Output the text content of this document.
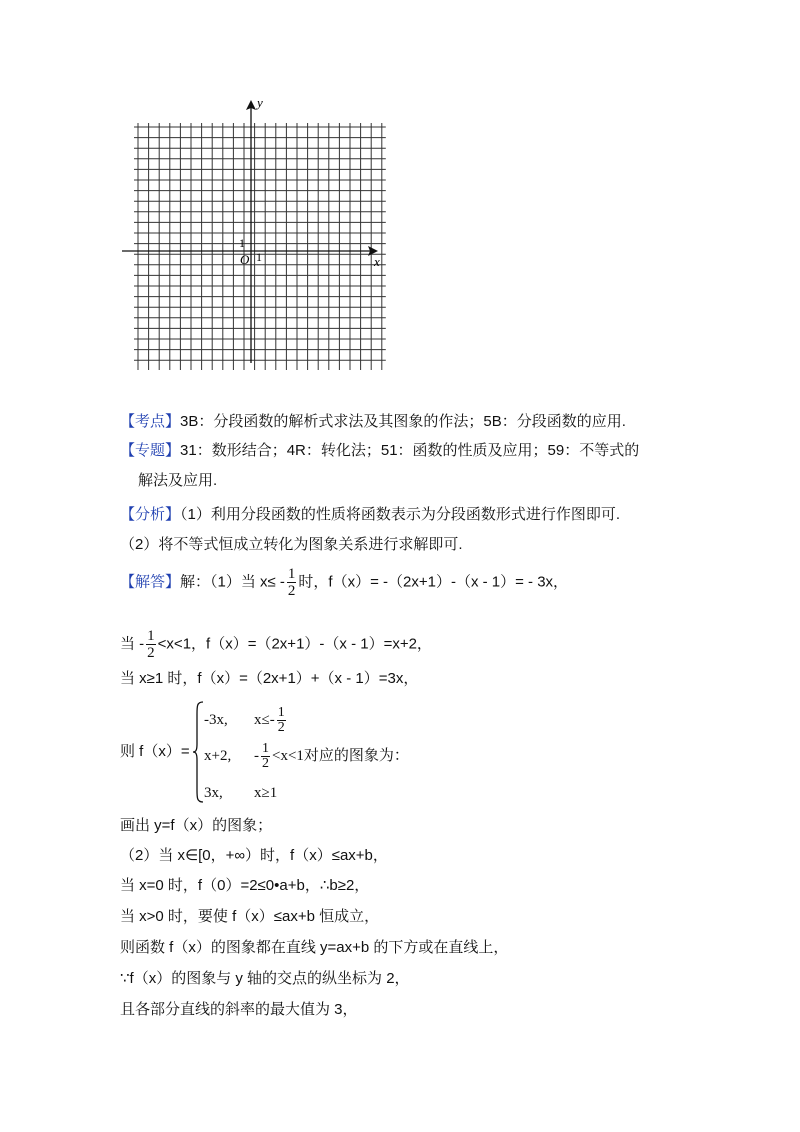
y
x
O 1
1
【考点】3B：分段函数的解析式求法及其图象的作法；5B：分段函数的应用.
【专题】31：数形结合；4R：转化法；51：函数的性质及应用；59：不等式的
解法及应用.
【分析】（1）利用分段函数的性质将函数表示为分段函数形式进行作图即可.
（2）将不等式恒成立转化为图象关系进行求解即可.
【解答】解：（1）当 $x\le - \frac{1}{2}$ 时，f（x）= -（2x+1）-（x - 1）= - 3x，
当 - $\frac{1}{2} <x<1$，f（x）=（2x+1）-（x - 1）=x+2，
当 x≥1 时，f（x）=（2x+1）+（x - 1）=3x，
则 f（x）=
-3x, $x\le- \frac{1}{2}$
x+2, - $\frac{1}{2} <x<1$对应的图象为：
3x, x≥1
画出 y=f（x）的图象；
（2）当 x∈[0，+∞）时，f（x）≤ax+b，
当 x=0 时，f（0）=2≤0•a+b，∴b≥2，
当 x>0 时，要使 f（x）≤ax+b 恒成立，
则函数 f（x）的图象都在直线 y=ax+b 的下方或在直线上，
∵f（x）的图象与 y 轴的交点的纵坐标为 2，
且各部分直线的斜率的最大值为 3，
